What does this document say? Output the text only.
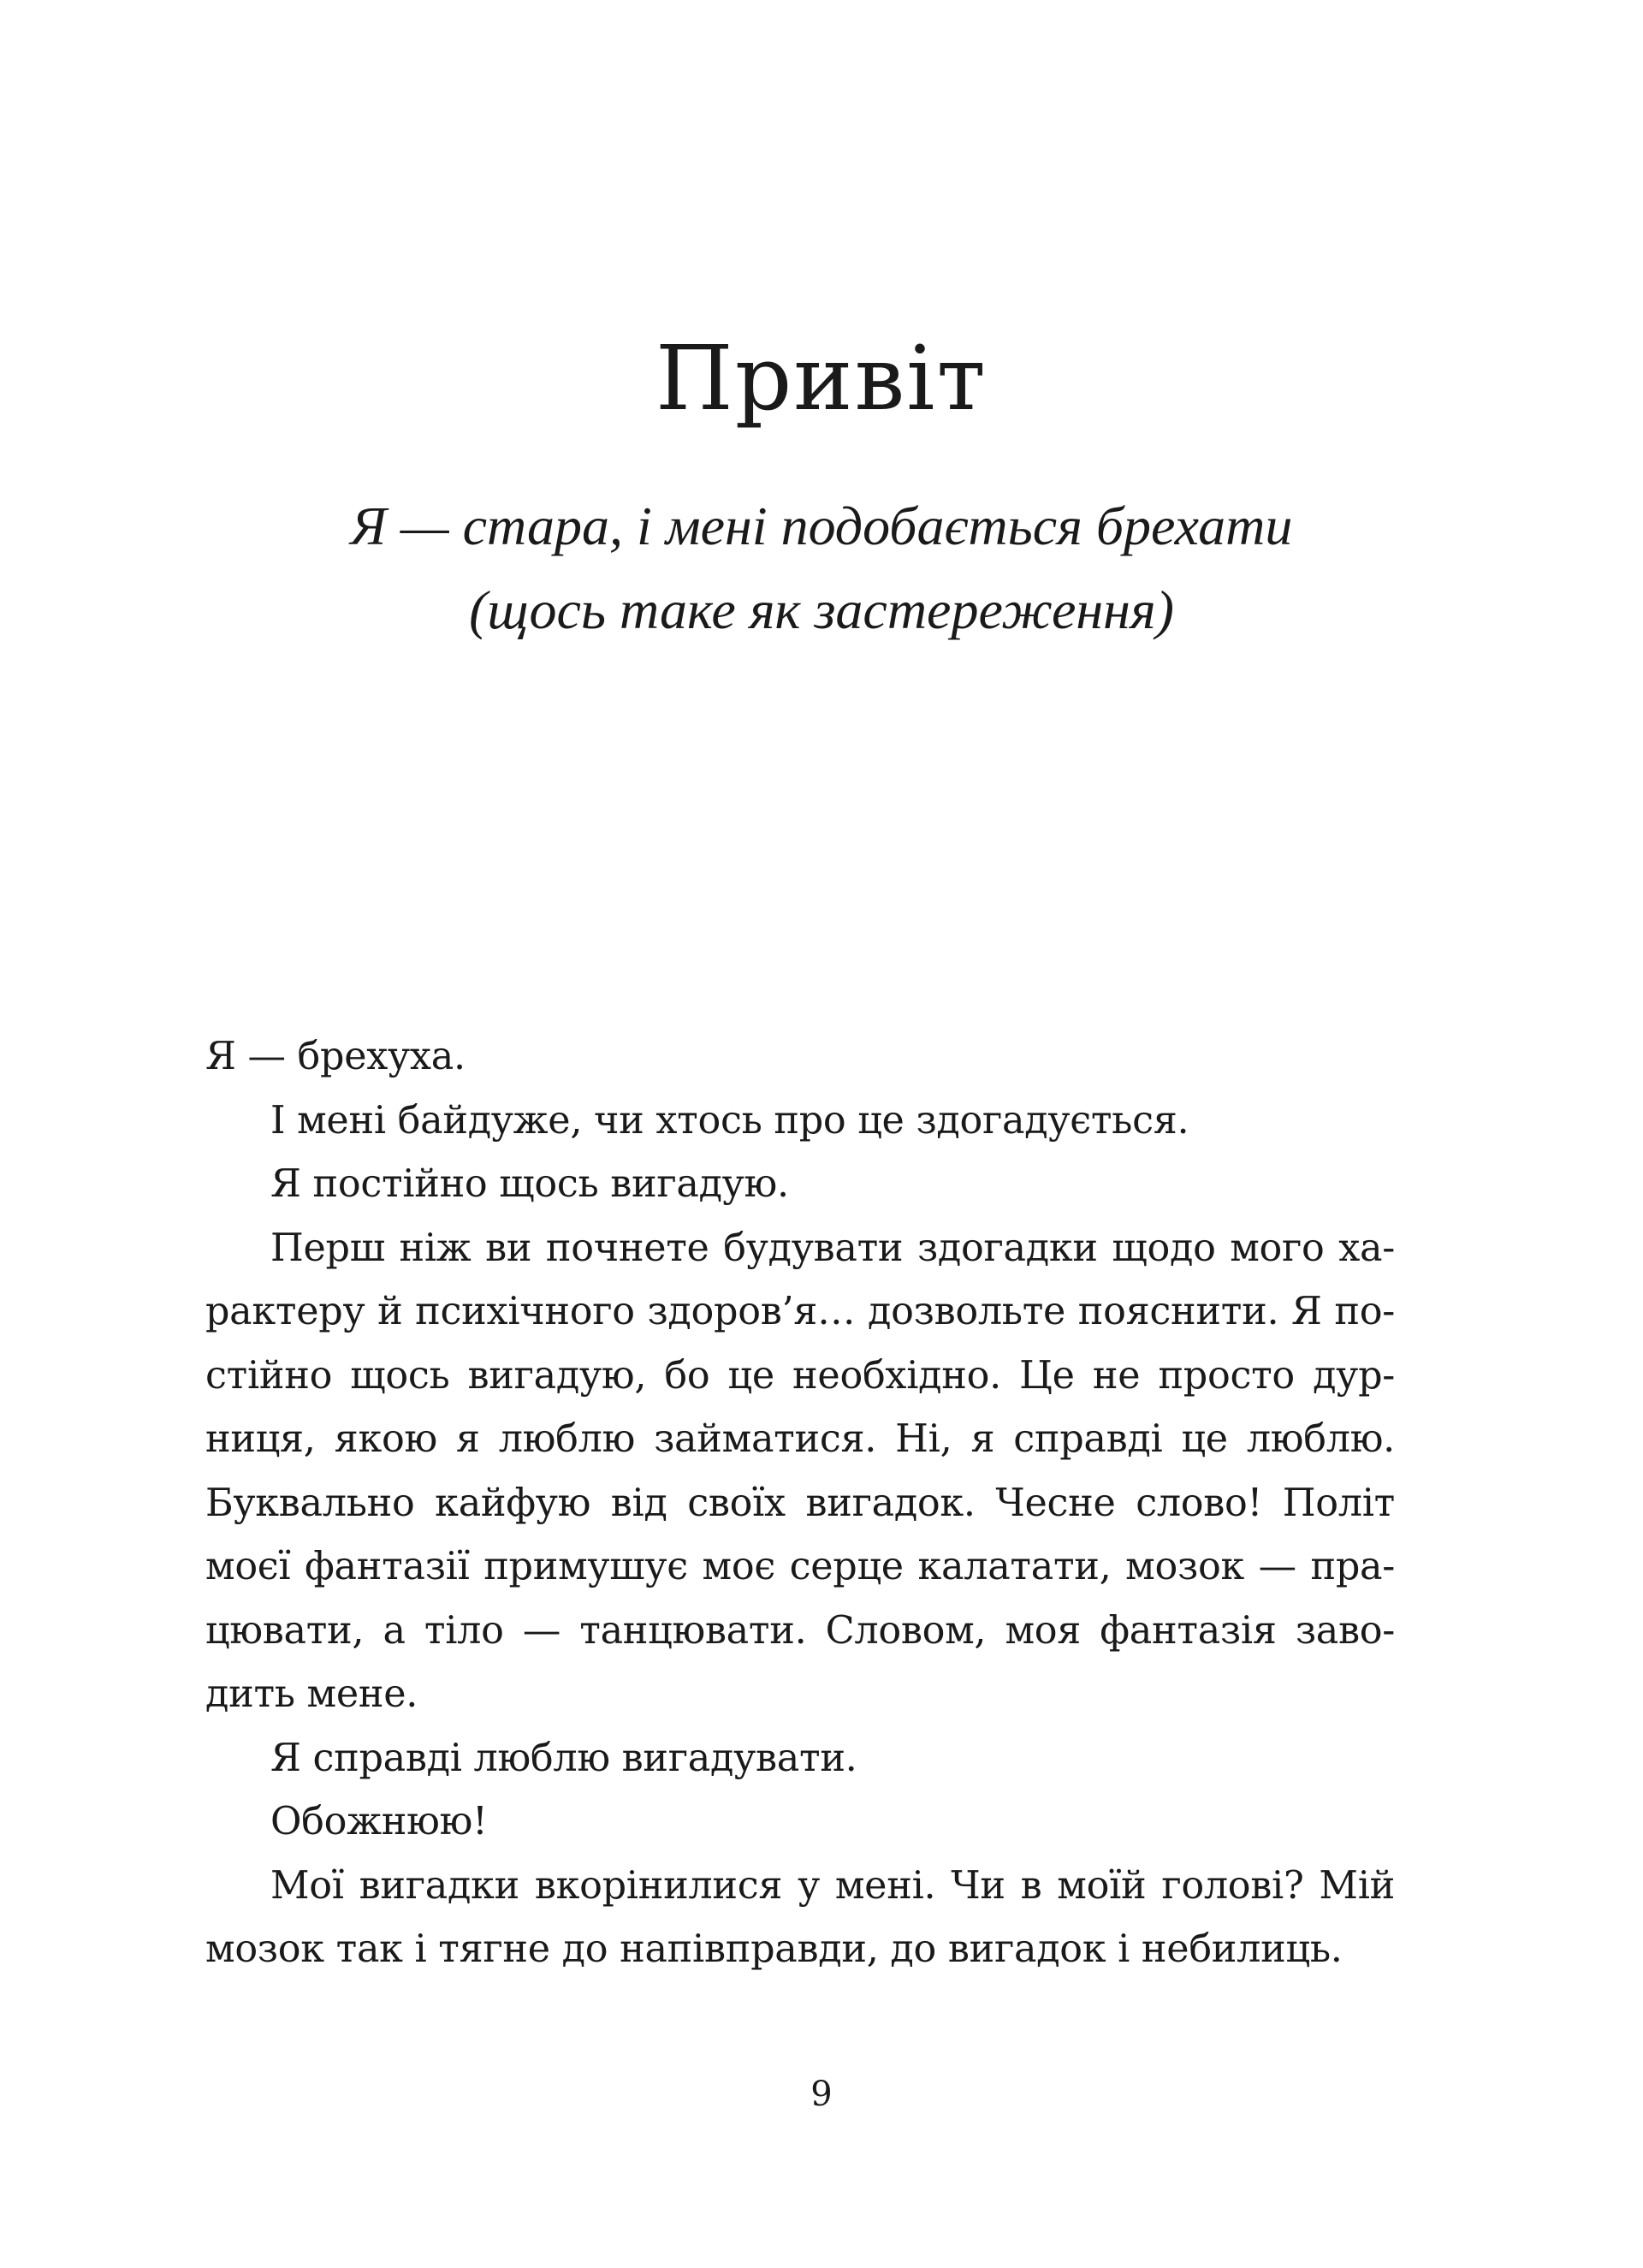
Привіт
Я — стара, і мені подобається брехати
(щось таке як застереження)

Я — брехуха.

І мені байдуже, чи хтось про це здогадується.

Я постійно щось вигадую.

Перш ніж ви почнете будувати здогадки щодо мого ха-
рактеру й психічного здоров’я… дозвольте пояснити. Я по-
стійно щось вигадую, бо це необхідно. Це не просто дур-
ниця, якою я люблю займатися. Ні, я справді це люблю.
Буквально кайфую від своїх вигадок. Чесне слово! Політ
моєї фантазії примушує моє серце калатати, мозок — пра-
цювати, а тіло — танцювати. Словом, моя фантазія заво-
дить мене.

Я справді люблю вигадувати.

Обожнюю!

Мої вигадки вкорінилися у мені. Чи в моїй голові? Мій
мозок так і тягне до напівправди, до вигадок і небилиць.

9
